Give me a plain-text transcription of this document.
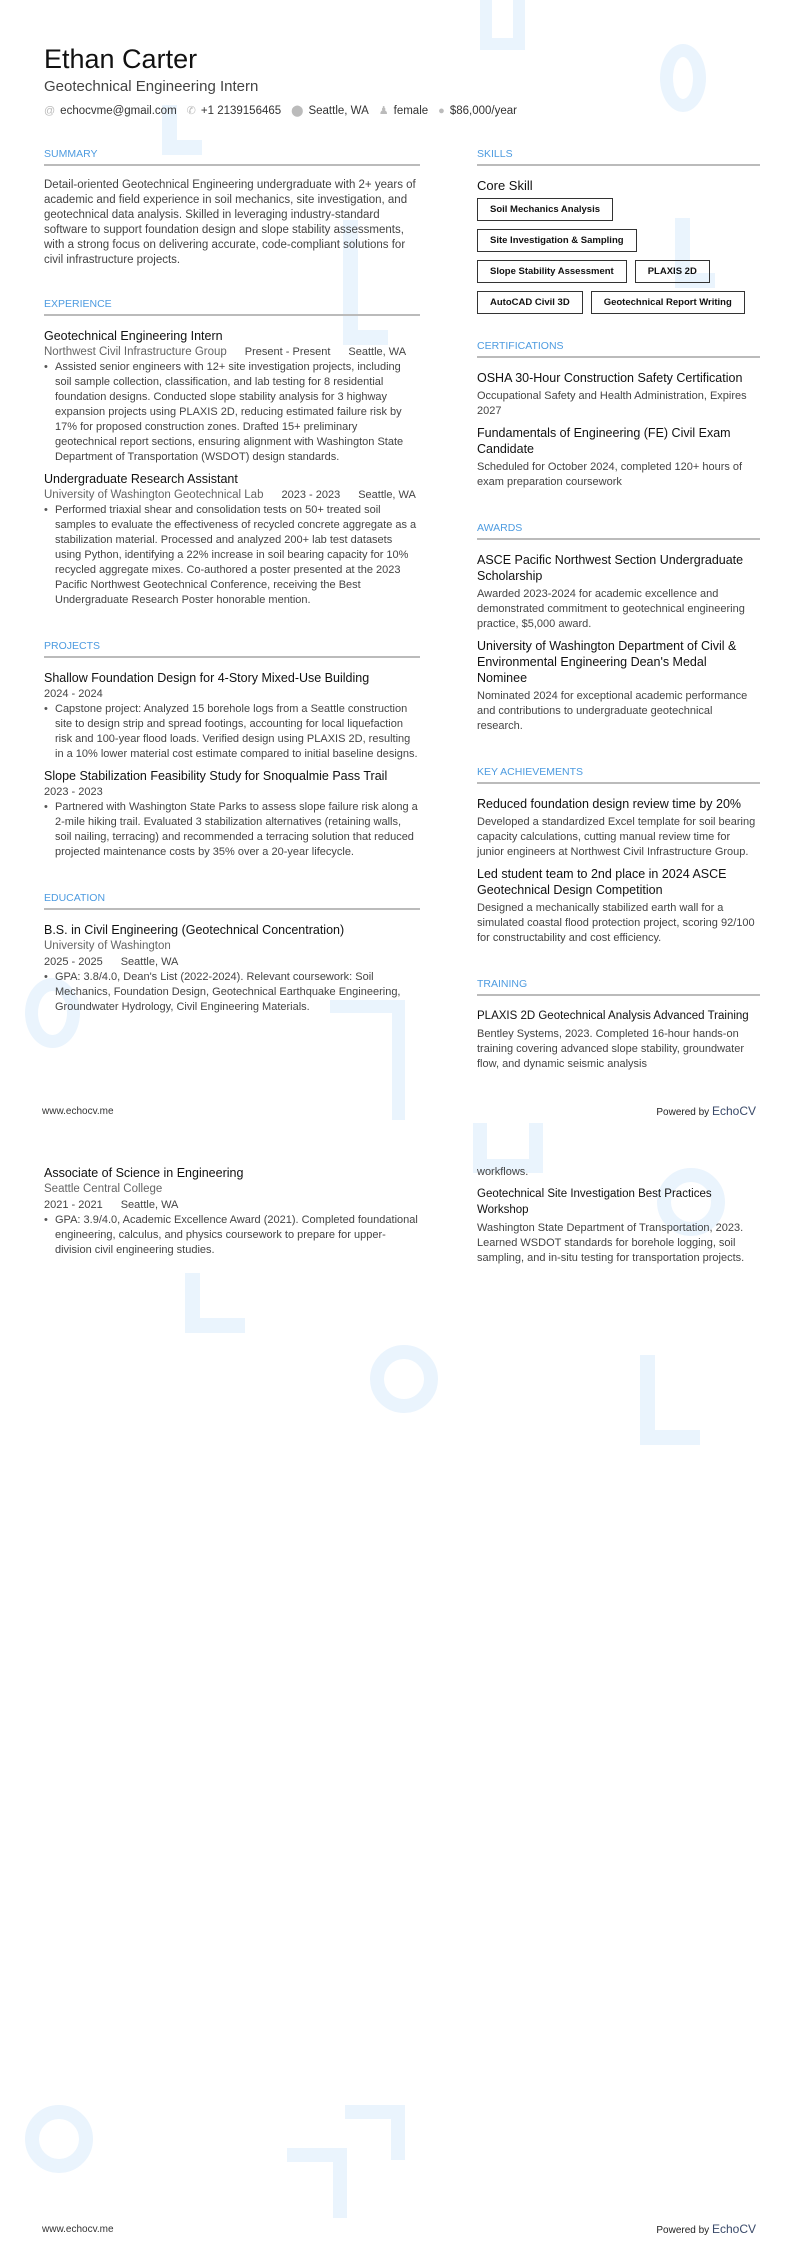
Ethan Carter
Geotechnical Engineering Intern
@ echocvme@gmail.com ✆ +1 2139156465 ⬤ Seattle, WA ♟ female ● $86,000/year
SUMMARY
Detail-oriented Geotechnical Engineering undergraduate with 2+ years of academic and field experience in soil mechanics, site investigation, and geotechnical data analysis. Skilled in leveraging industry-standard software to support foundation design and slope stability assessments, with a strong focus on delivering accurate, code-compliant solutions for civil infrastructure projects.
EXPERIENCE
Geotechnical Engineering Intern
Northwest Civil Infrastructure Group Present - Present Seattle, WA
• Assisted senior engineers with 12+ site investigation projects, including soil sample collection, classification, and lab testing for 8 residential foundation designs. Conducted slope stability analysis for 3 highway expansion projects using PLAXIS 2D, reducing estimated failure risk by 17% for proposed construction zones. Drafted 15+ preliminary geotechnical report sections, ensuring alignment with Washington State Department of Transportation (WSDOT) design standards.
Undergraduate Research Assistant
University of Washington Geotechnical Lab 2023 - 2023 Seattle, WA
• Performed triaxial shear and consolidation tests on 50+ treated soil samples to evaluate the effectiveness of recycled concrete aggregate as a stabilization material. Processed and analyzed 200+ lab test datasets using Python, identifying a 22% increase in soil bearing capacity for 10% recycled aggregate mixes. Co-authored a poster presented at the 2023 Pacific Northwest Geotechnical Conference, receiving the Best Undergraduate Research Poster honorable mention.
PROJECTS
Shallow Foundation Design for 4-Story Mixed-Use Building
2024 - 2024
• Capstone project: Analyzed 15 borehole logs from a Seattle construction site to design strip and spread footings, accounting for local liquefaction risk and 100-year flood loads. Verified design using PLAXIS 2D, resulting in a 10% lower material cost estimate compared to initial baseline designs.
Slope Stabilization Feasibility Study for Snoqualmie Pass Trail
2023 - 2023
• Partnered with Washington State Parks to assess slope failure risk along a 2-mile hiking trail. Evaluated 3 stabilization alternatives (retaining walls, soil nailing, terracing) and recommended a terracing solution that reduced projected maintenance costs by 35% over a 20-year lifecycle.
EDUCATION
B.S. in Civil Engineering (Geotechnical Concentration)
University of Washington
2025 - 2025 Seattle, WA
• GPA: 3.8/4.0, Dean's List (2022-2024). Relevant coursework: Soil Mechanics, Foundation Design, Geotechnical Earthquake Engineering, Groundwater Hydrology, Civil Engineering Materials.
SKILLS
Core Skill
Soil Mechanics Analysis
Site Investigation & Sampling
Slope Stability Assessment	PLAXIS 2D
AutoCAD Civil 3D	Geotechnical Report Writing
CERTIFICATIONS
OSHA 30-Hour Construction Safety Certification
Occupational Safety and Health Administration, Expires 2027
Fundamentals of Engineering (FE) Civil Exam Candidate
Scheduled for October 2024, completed 120+ hours of exam preparation coursework
AWARDS
ASCE Pacific Northwest Section Undergraduate Scholarship
Awarded 2023-2024 for academic excellence and demonstrated commitment to geotechnical engineering practice, $5,000 award.
University of Washington Department of Civil & Environmental Engineering Dean's Medal Nominee
Nominated 2024 for exceptional academic performance and contributions to undergraduate geotechnical research.
KEY ACHIEVEMENTS
Reduced foundation design review time by 20%
Developed a standardized Excel template for soil bearing capacity calculations, cutting manual review time for junior engineers at Northwest Civil Infrastructure Group.
Led student team to 2nd place in 2024 ASCE Geotechnical Design Competition
Designed a mechanically stabilized earth wall for a simulated coastal flood protection project, scoring 92/100 for constructability and cost efficiency.
TRAINING
PLAXIS 2D Geotechnical Analysis Advanced Training
Bentley Systems, 2023. Completed 16-hour hands-on training covering advanced slope stability, groundwater flow, and dynamic seismic analysis
www.echocv.me	Powered by EchoCV
Associate of Science in Engineering
Seattle Central College
2021 - 2021 Seattle, WA
• GPA: 3.9/4.0, Academic Excellence Award (2021). Completed foundational engineering, calculus, and physics coursework to prepare for upper-division civil engineering studies.
workflows.
Geotechnical Site Investigation Best Practices Workshop
Washington State Department of Transportation, 2023. Learned WSDOT standards for borehole logging, soil sampling, and in-situ testing for transportation projects.
www.echocv.me	Powered by EchoCV
